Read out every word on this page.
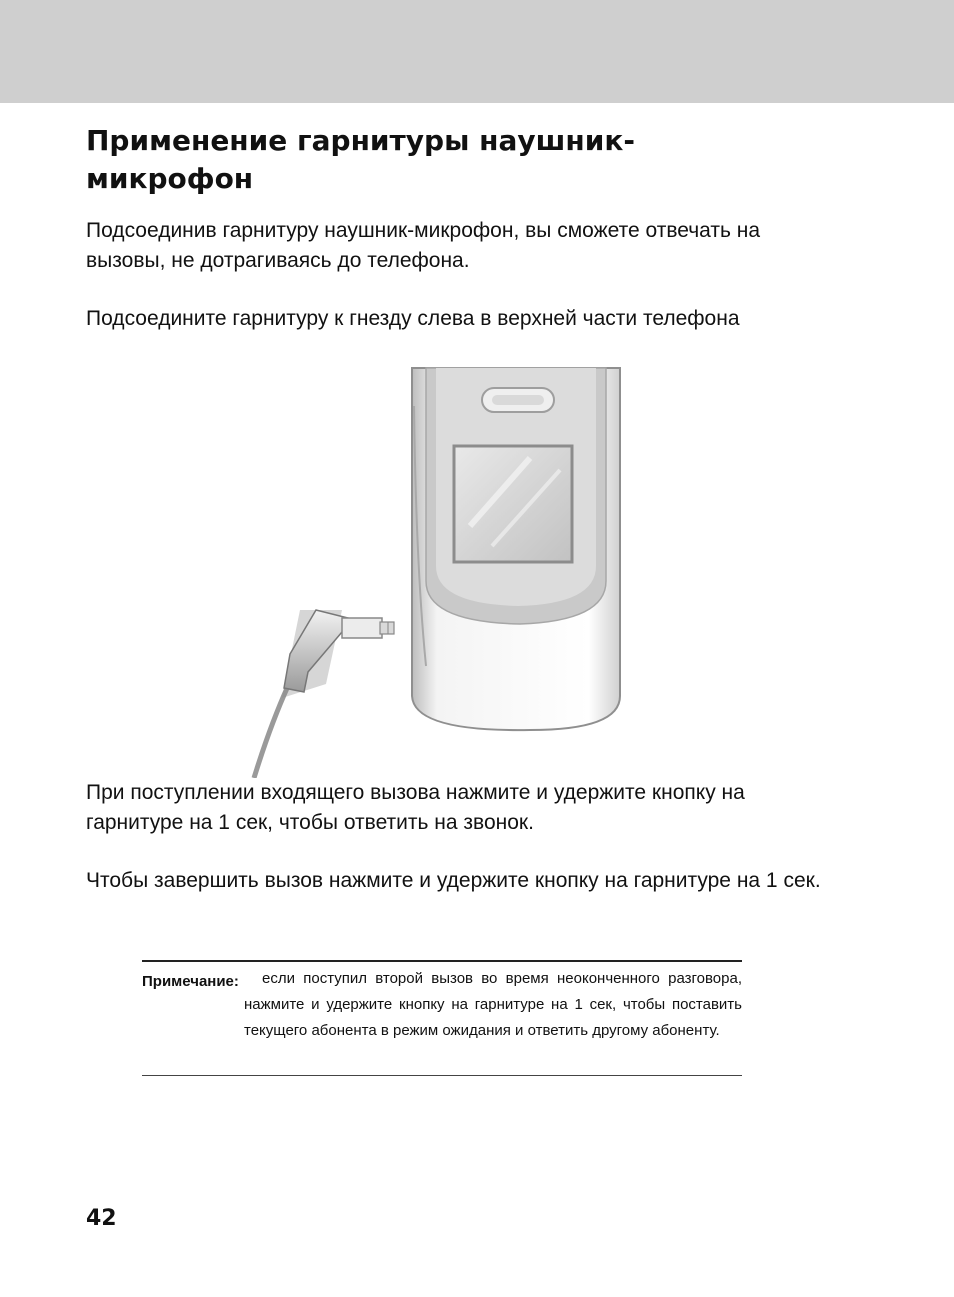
Применение гарнитуры наушник-
микрофон

Подсоединив гарнитуру наушник-микрофон, вы сможете отвечать на вызовы, не дотрагиваясь до телефона.

Подсоедините гарнитуру к гнезду слева в верхней части телефона

При поступлении входящего вызова нажмите и удержите кнопку на гарнитуре на 1 сек, чтобы ответить на звонок.

Чтобы завершить вызов нажмите и удержите кнопку на гарнитуре на 1 сек.

Примечание:	если поступил второй вызов во время неоконченного разговора, нажмите и удержите кнопку на гарнитуре на 1 сек, чтобы поставить текущего абонента в режим ожидания и ответить другому абоненту.

42
